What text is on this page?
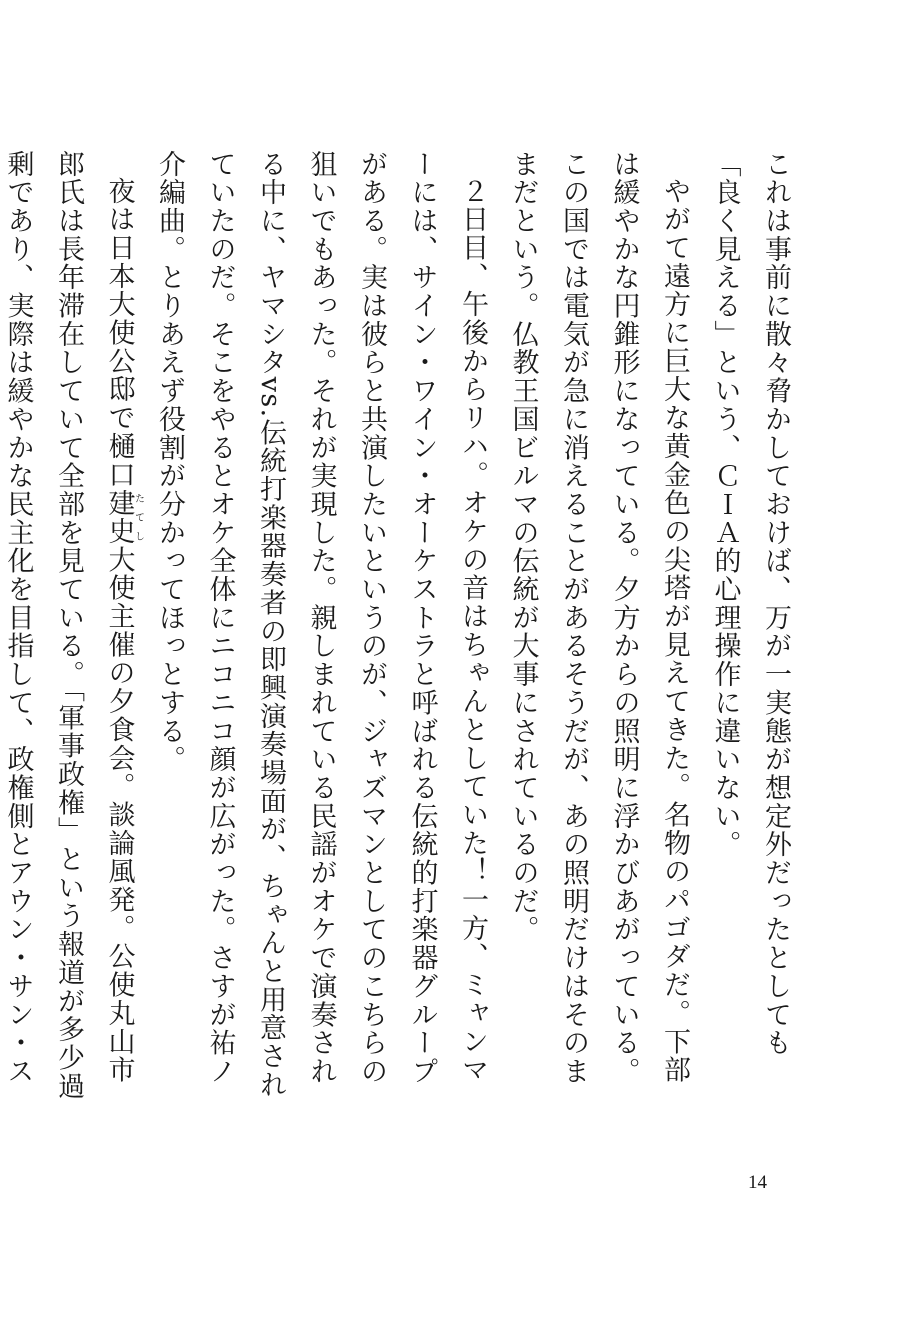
これは事前に散々脅かしておけば、万が一実態が想定外だったとしても「良く見える」という、ＣＩＡ的心理操作に違いない。

やがて遠方に巨大な黄金色の尖塔が見えてきた。名物のパゴダだ。下部は緩やかな円錐形になっている。夕方からの照明に浮かびあがっている。この国では電気が急に消えることがあるそうだが、あの照明だけはそのままだという。仏教王国ビルマの伝統が大事にされているのだ。

２日目、午後からリハ。オケの音はちゃんとしていた！一方、ミャンマーには、サイン・ワイン・オーケストラと呼ばれる伝統的打楽器グループがある。実は彼らと共演したいというのが、ジャズマンとしてのこちらの狙いでもあった。それが実現した。親しまれている民謡がオケで演奏される中に、ヤマシタvs.伝統打楽器奏者の即興演奏場面が、ちゃんと用意されていたのだ。そこをやるとオケ全体にニコニコ顔が広がった。さすが祐ノ介編曲。とりあえず役割が分かってほっとする。

夜は日本大使公邸で樋口建史たてし大使主催の夕食会。談論風発。公使丸山市郎氏は長年滞在していて全部を見ている。「軍事政権」という報道が多少過剰であり、実際は緩やかな民主化を目指して、政権側とアウン・サン・ス

14
